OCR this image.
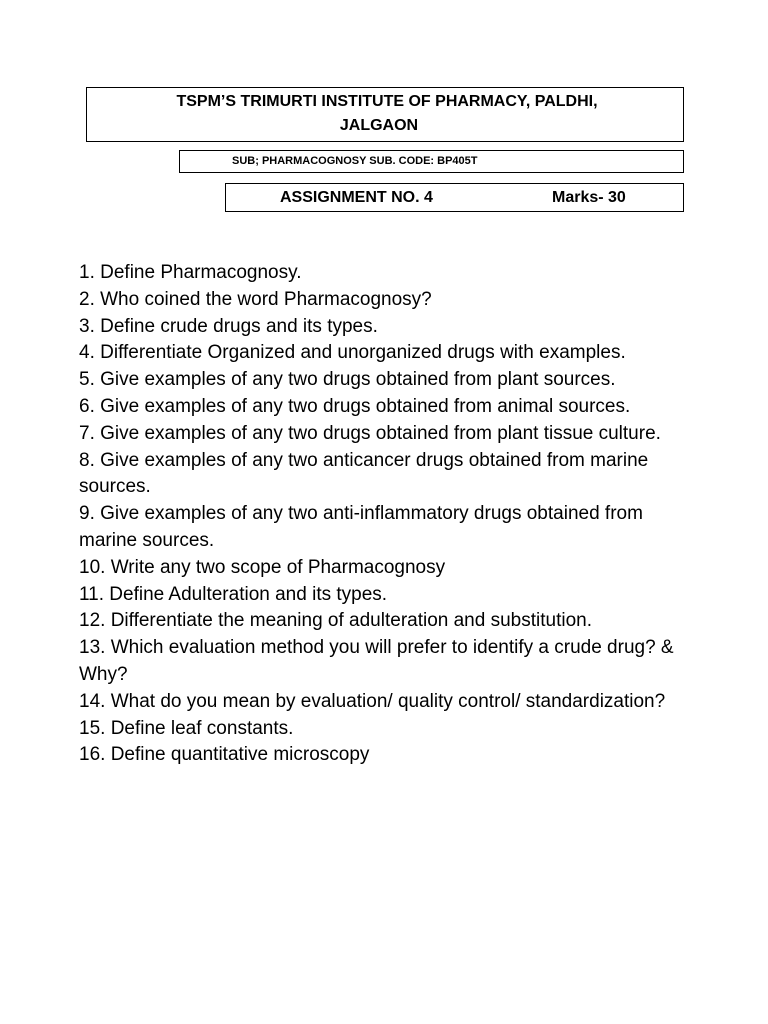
TSPM’S TRIMURTI INSTITUTE OF PHARMACY, PALDHI,
JALGAON
SUB; PHARMACOGNOSY SUB. CODE: BP405T
ASSIGNMENT NO. 4	Marks- 30
1. Define Pharmacognosy.
2. Who coined the word Pharmacognosy?
3. Define crude drugs and its types.
4. Differentiate Organized and unorganized drugs with examples.
5. Give examples of any two drugs obtained from plant sources.
6. Give examples of any two drugs obtained from animal sources.
7. Give examples of any two drugs obtained from plant tissue culture.
8. Give examples of any two anticancer drugs obtained from marine sources.
9. Give examples of any two anti-inflammatory drugs obtained from marine sources.
10. Write any two scope of Pharmacognosy
11. Define Adulteration and its types.
12. Differentiate the meaning of adulteration and substitution.
13. Which evaluation method you will prefer to identify a crude drug? & Why?
14. What do you mean by evaluation/ quality control/ standardization?
15. Define leaf constants.
16. Define quantitative microscopy
